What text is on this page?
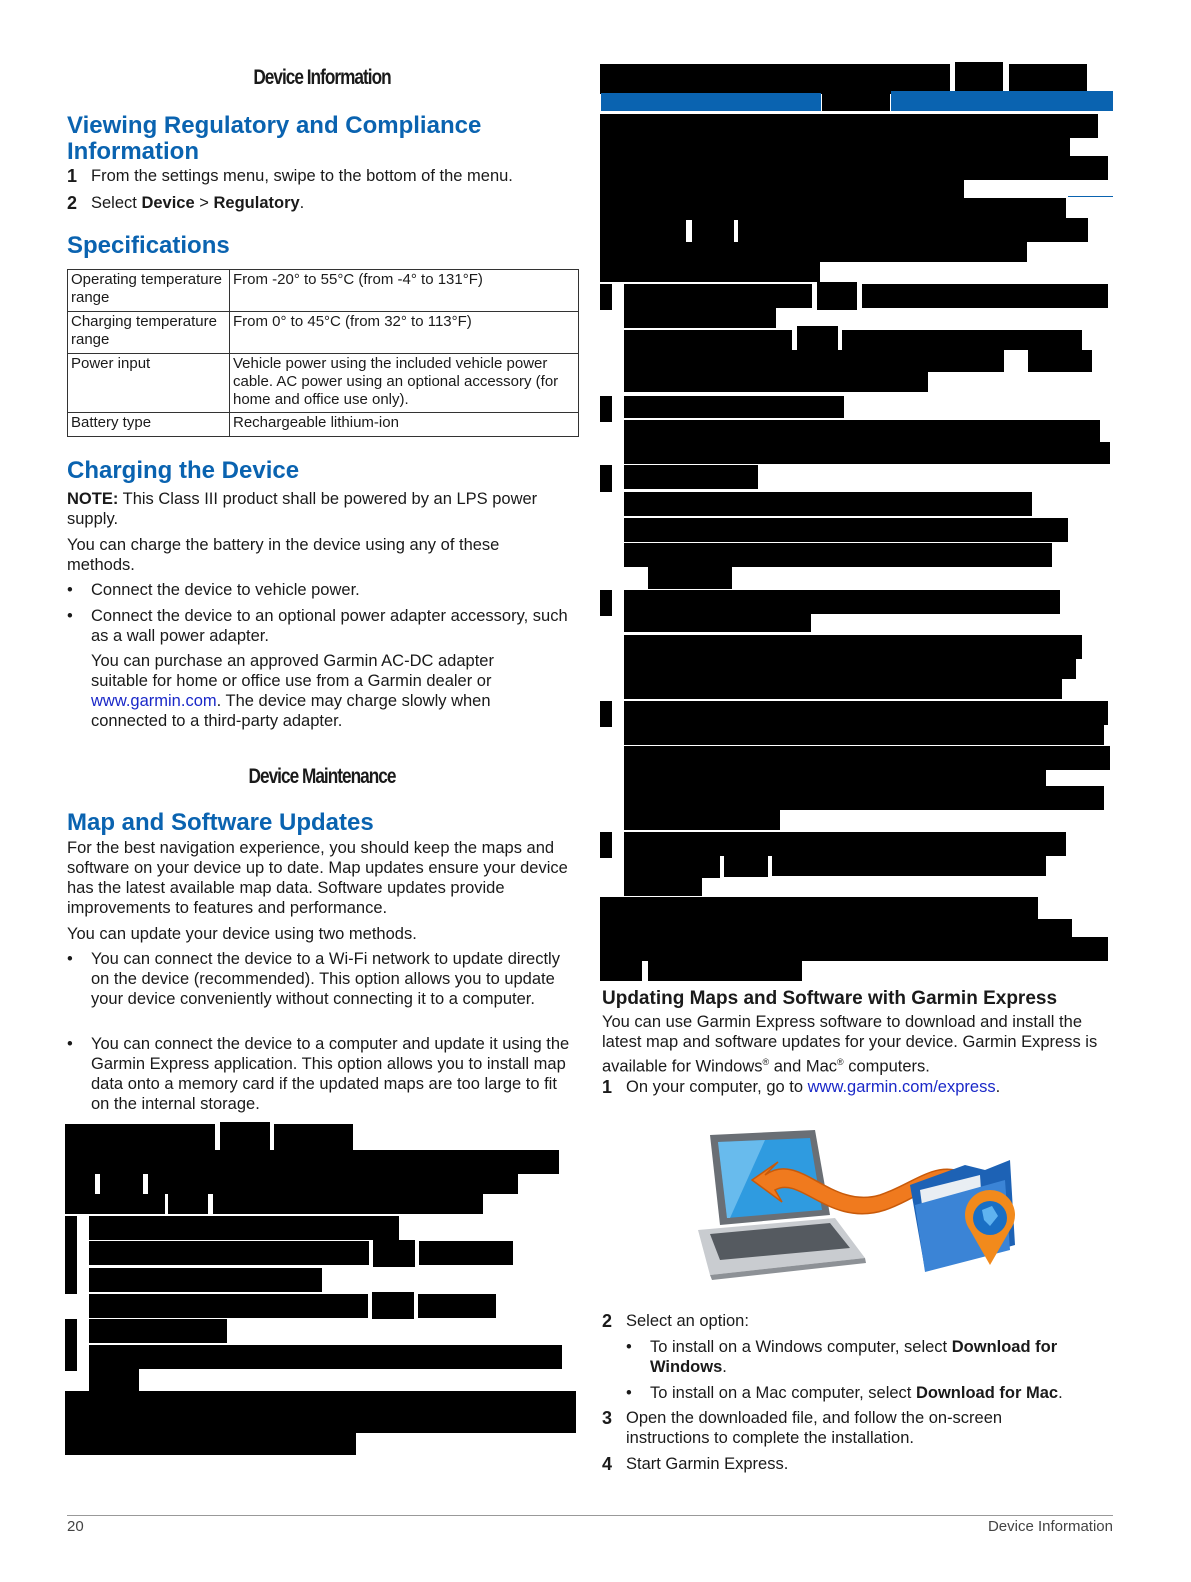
Device Information
Viewing Regulatory and Compliance
Information
1 From the settings menu, swipe to the bottom of the menu.
2 Select Device > Regulatory.
Specifications
Operating temperature range	From -20° to 55°C (from -4° to 131°F)
Charging temperature range	From 0° to 45°C (from 32° to 113°F)
Power input	Vehicle power using the included vehicle power cable. AC power using an optional accessory (for home and office use only).
Battery type	Rechargeable lithium-ion
Charging the Device
NOTE: This Class III product shall be powered by an LPS power supply.
You can charge the battery in the device using any of these methods.
• Connect the device to vehicle power.
• Connect the device to an optional power adapter accessory, such as a wall power adapter.
You can purchase an approved Garmin AC-DC adapter suitable for home or office use from a Garmin dealer or www.garmin.com. The device may charge slowly when connected to a third-party adapter.
Device Maintenance
Map and Software Updates
For the best navigation experience, you should keep the maps and software on your device up to date. Map updates ensure your device has the latest available map data. Software updates provide improvements to features and performance.
You can update your device using two methods.
• You can connect the device to a Wi-Fi network to update directly on the device (recommended). This option allows you to update your device conveniently without connecting it to a computer.
• You can connect the device to a computer and update it using the Garmin Express application. This option allows you to install map data onto a memory card if the updated maps are too large to fit on the internal storage.
Updating Maps and Software with Garmin Express
You can use Garmin Express software to download and install the latest map and software updates for your device. Garmin Express is available for Windows® and Mac® computers.
1 On your computer, go to www.garmin.com/express.
2 Select an option:
• To install on a Windows computer, select Download for Windows.
• To install on a Mac computer, select Download for Mac.
3 Open the downloaded file, and follow the on-screen instructions to complete the installation.
4 Start Garmin Express.
20	Device Information
